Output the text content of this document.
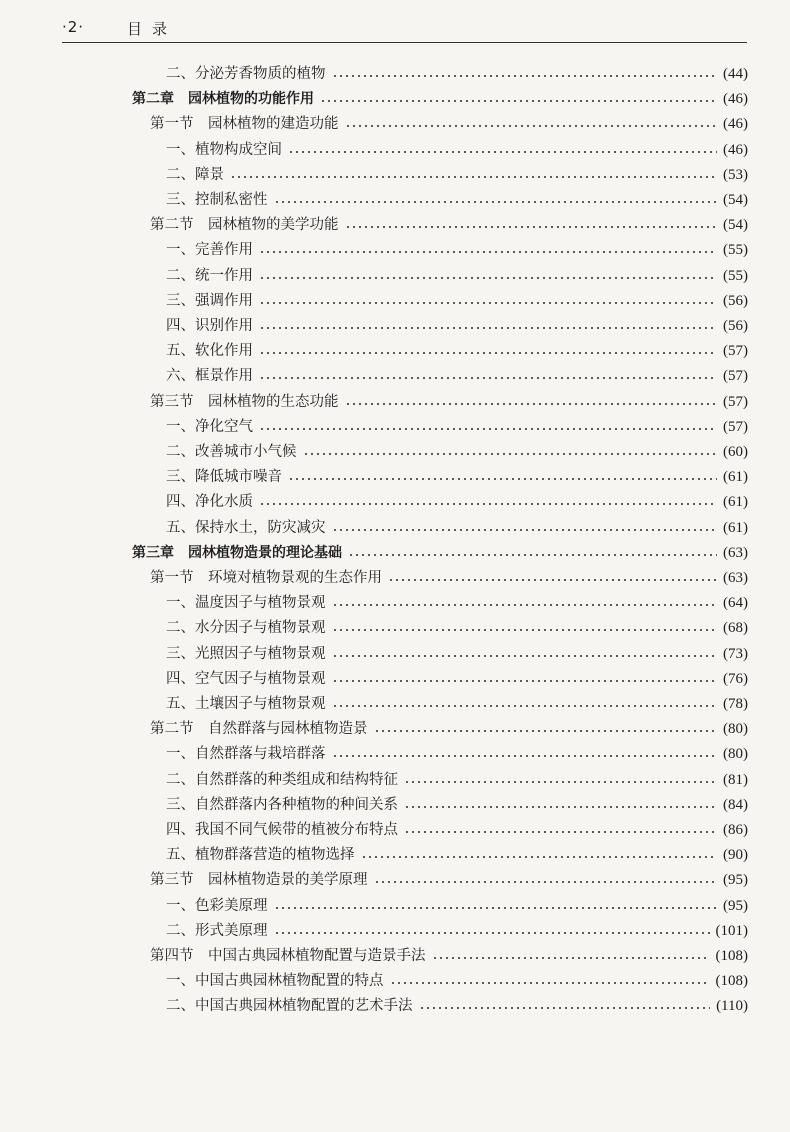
·2·	目录
二、分泌芳香物质的植物	(44)
第二章　园林植物的功能作用	(46)
第一节　园林植物的建造功能	(46)
一、植物构成空间	(46)
二、障景	(53)
三、控制私密性	(54)
第二节　园林植物的美学功能	(54)
一、完善作用	(55)
二、统一作用	(55)
三、强调作用	(56)
四、识别作用	(56)
五、软化作用	(57)
六、框景作用	(57)
第三节　园林植物的生态功能	(57)
一、净化空气	(57)
二、改善城市小气候	(60)
三、降低城市噪音	(61)
四、净化水质	(61)
五、保持水土，防灾减灾	(61)
第三章　园林植物造景的理论基础	(63)
第一节　环境对植物景观的生态作用	(63)
一、温度因子与植物景观	(64)
二、水分因子与植物景观	(68)
三、光照因子与植物景观	(73)
四、空气因子与植物景观	(76)
五、土壤因子与植物景观	(78)
第二节　自然群落与园林植物造景	(80)
一、自然群落与栽培群落	(80)
二、自然群落的种类组成和结构特征	(81)
三、自然群落内各种植物的种间关系	(84)
四、我国不同气候带的植被分布特点	(86)
五、植物群落营造的植物选择	(90)
第三节　园林植物造景的美学原理	(95)
一、色彩美原理	(95)
二、形式美原理	(101)
第四节　中国古典园林植物配置与造景手法	(108)
一、中国古典园林植物配置的特点	(108)
二、中国古典园林植物配置的艺术手法	(110)
